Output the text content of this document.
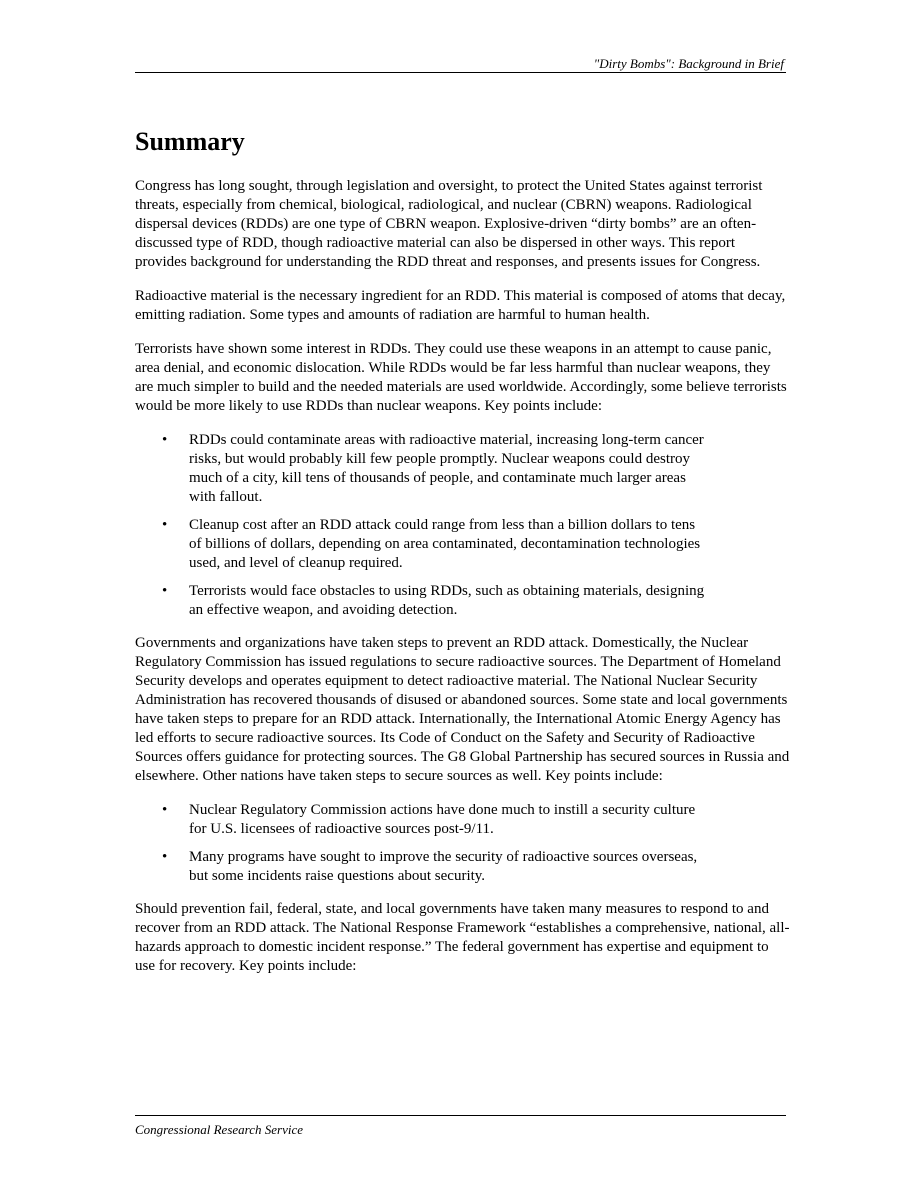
"Dirty Bombs": Background in Brief
Summary

Congress has long sought, through legislation and oversight, to protect the United States against terrorist threats, especially from chemical, biological, radiological, and nuclear (CBRN) weapons. Radiological dispersal devices (RDDs) are one type of CBRN weapon. Explosive-driven “dirty bombs” are an often-discussed type of RDD, though radioactive material can also be dispersed in other ways. This report provides background for understanding the RDD threat and responses, and presents issues for Congress.

Radioactive material is the necessary ingredient for an RDD. This material is composed of atoms that decay, emitting radiation. Some types and amounts of radiation are harmful to human health.

Terrorists have shown some interest in RDDs. They could use these weapons in an attempt to cause panic, area denial, and economic dislocation. While RDDs would be far less harmful than nuclear weapons, they are much simpler to build and the needed materials are used worldwide. Accordingly, some believe terrorists would be more likely to use RDDs than nuclear weapons. Key points include:

• RDDs could contaminate areas with radioactive material, increasing long-term cancer risks, but would probably kill few people promptly. Nuclear weapons could destroy much of a city, kill tens of thousands of people, and contaminate much larger areas with fallout.
• Cleanup cost after an RDD attack could range from less than a billion dollars to tens of billions of dollars, depending on area contaminated, decontamination technologies used, and level of cleanup required.
• Terrorists would face obstacles to using RDDs, such as obtaining materials, designing an effective weapon, and avoiding detection.

Governments and organizations have taken steps to prevent an RDD attack. Domestically, the Nuclear Regulatory Commission has issued regulations to secure radioactive sources. The Department of Homeland Security develops and operates equipment to detect radioactive material. The National Nuclear Security Administration has recovered thousands of disused or abandoned sources. Some state and local governments have taken steps to prepare for an RDD attack. Internationally, the International Atomic Energy Agency has led efforts to secure radioactive sources. Its Code of Conduct on the Safety and Security of Radioactive Sources offers guidance for protecting sources. The G8 Global Partnership has secured sources in Russia and elsewhere. Other nations have taken steps to secure sources as well. Key points include:

• Nuclear Regulatory Commission actions have done much to instill a security culture for U.S. licensees of radioactive sources post-9/11.
• Many programs have sought to improve the security of radioactive sources overseas, but some incidents raise questions about security.

Should prevention fail, federal, state, and local governments have taken many measures to respond to and recover from an RDD attack. The National Response Framework “establishes a comprehensive, national, all-hazards approach to domestic incident response.” The federal government has expertise and equipment to use for recovery. Key points include:

Congressional Research Service
